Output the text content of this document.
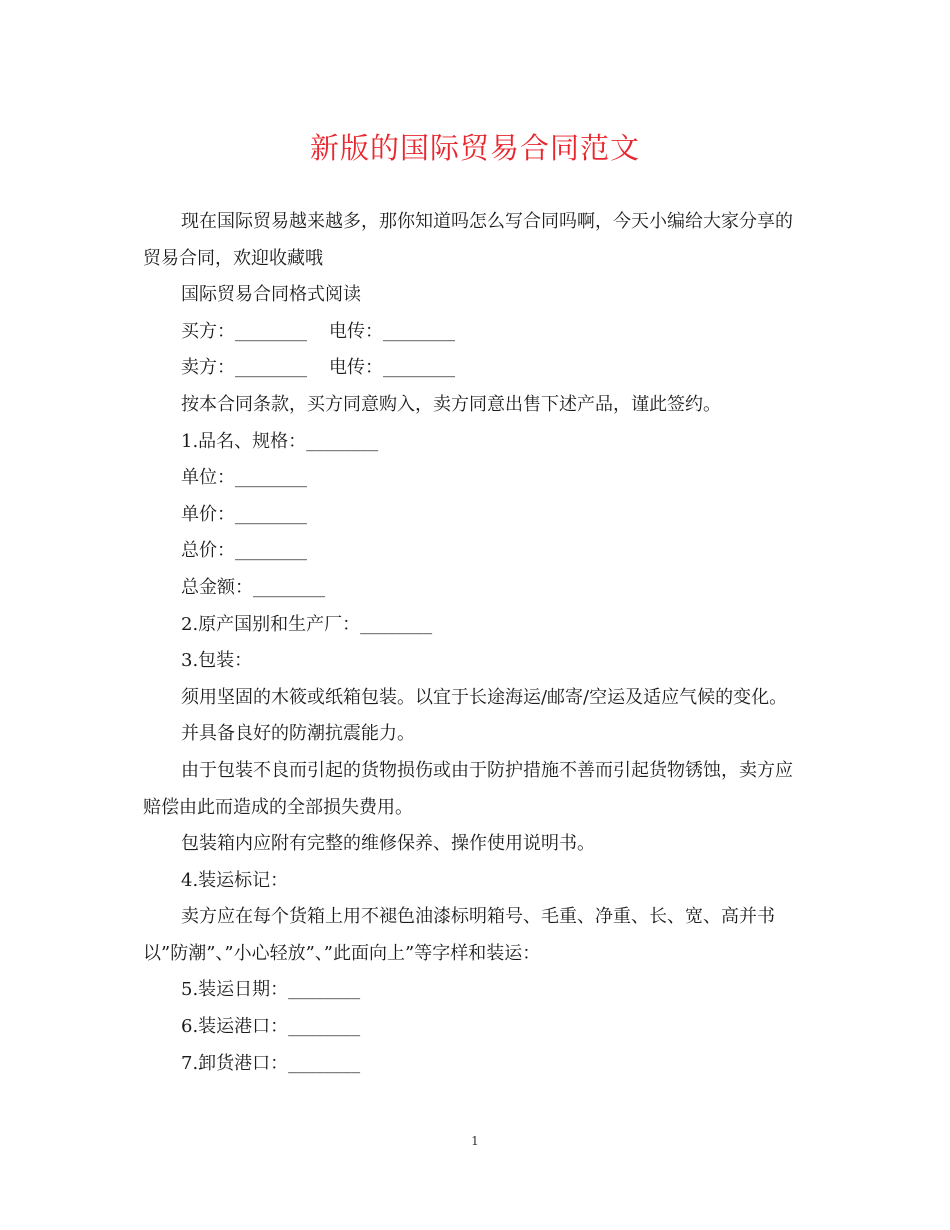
新版的国际贸易合同范文

现在国际贸易越来越多，那你知道吗怎么写合同吗啊，今天小编给大家分享的贸易合同，欢迎收藏哦

国际贸易合同格式阅读

买方：________ 电传：________

卖方：________ 电传：________

按本合同条款，买方同意购入，卖方同意出售下述产品，谨此签约。

1.品名、规格：________

单位：________

单价：________

总价：________

总金额：________

2.原产国别和生产厂：________

3.包装：

须用坚固的木筱或纸箱包装。以宜于长途海运/邮寄/空运及适应气候的变化。

并具备良好的防潮抗震能力。

由于包装不良而引起的货物损伤或由于防护措施不善而引起货物锈蚀，卖方应赔偿由此而造成的全部损失费用。

包装箱内应附有完整的维修保养、操作使用说明书。

4.装运标记：

卖方应在每个货箱上用不褪色油漆标明箱号、毛重、净重、长、宽、高并书以”防潮”、”小心轻放”、”此面向上”等字样和装运：

5.装运日期：________

6.装运港口：________

7.卸货港口：________

1
